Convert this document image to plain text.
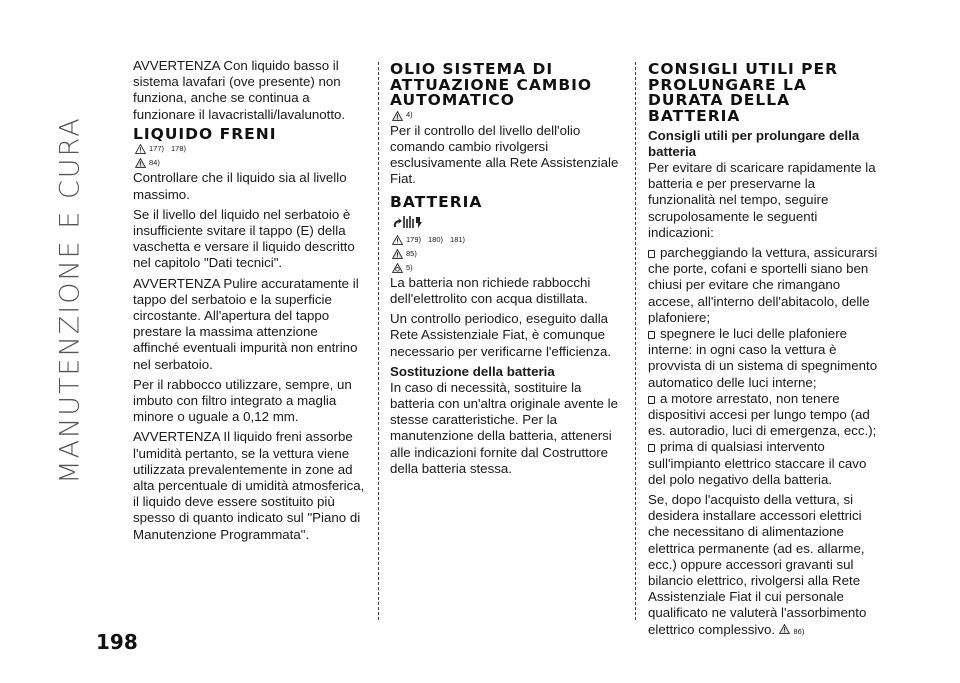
MANUTENZIONE E CURA

AVVERTENZA Con liquido basso il sistema lavafari (ove presente) non funziona, anche se continua a funzionare il lavacristalli/lavalunotto.

LIQUIDO FRENI
177) 178)
84)

Controllare che il liquido sia al livello massimo.

Se il livello del liquido nel serbatoio è insufficiente svitare il tappo (E) della vaschetta e versare il liquido descritto nel capitolo "Dati tecnici".

AVVERTENZA Pulire accuratamente il tappo del serbatoio e la superficie circostante. All'apertura del tappo prestare la massima attenzione affinché eventuali impurità non entrino nel serbatoio.

Per il rabbocco utilizzare, sempre, un imbuto con filtro integrato a maglia minore o uguale a 0,12 mm.

AVVERTENZA Il liquido freni assorbe l'umidità pertanto, se la vettura viene utilizzata prevalentemente in zone ad alta percentuale di umidità atmosferica, il liquido deve essere sostituito più spesso di quanto indicato sul "Piano di Manutenzione Programmata".

OLIO SISTEMA DI ATTUAZIONE CAMBIO AUTOMATICO
4)

Per il controllo del livello dell'olio comando cambio rivolgersi esclusivamente alla Rete Assistenziale Fiat.

BATTERIA
179) 180) 181)
85)
5)

La batteria non richiede rabbocchi dell'elettrolito con acqua distillata.

Un controllo periodico, eseguito dalla Rete Assistenziale Fiat, è comunque necessario per verificarne l'efficienza.

Sostituzione della batteria

In caso di necessità, sostituire la batteria con un'altra originale avente le stesse caratteristiche. Per la manutenzione della batteria, attenersi alle indicazioni fornite dal Costruttore della batteria stessa.

CONSIGLI UTILI PER PROLUNGARE LA DURATA DELLA BATTERIA
Consigli utili per prolungare della batteria

Per evitare di scaricare rapidamente la batteria e per preservarne la funzionalità nel tempo, seguire scrupolosamente le seguenti indicazioni:

parcheggiando la vettura, assicurarsi che porte, cofani e sportelli siano ben chiusi per evitare che rimangano accese, all'interno dell'abitacolo, delle plafoniere;

spegnere le luci delle plafoniere interne: in ogni caso la vettura è provvista di un sistema di spegnimento automatico delle luci interne;

a motore arrestato, non tenere dispositivi accesi per lungo tempo (ad es. autoradio, luci di emergenza, ecc.);

prima di qualsiasi intervento sull'impianto elettrico staccare il cavo del polo negativo della batteria.

Se, dopo l'acquisto della vettura, si desidera installare accessori elettrici che necessitano di alimentazione elettrica permanente (ad es. allarme, ecc.) oppure accessori gravanti sul bilancio elettrico, rivolgersi alla Rete Assistenziale Fiat il cui personale qualificato ne valuterà l'assorbimento elettrico complessivo. 86)

198
